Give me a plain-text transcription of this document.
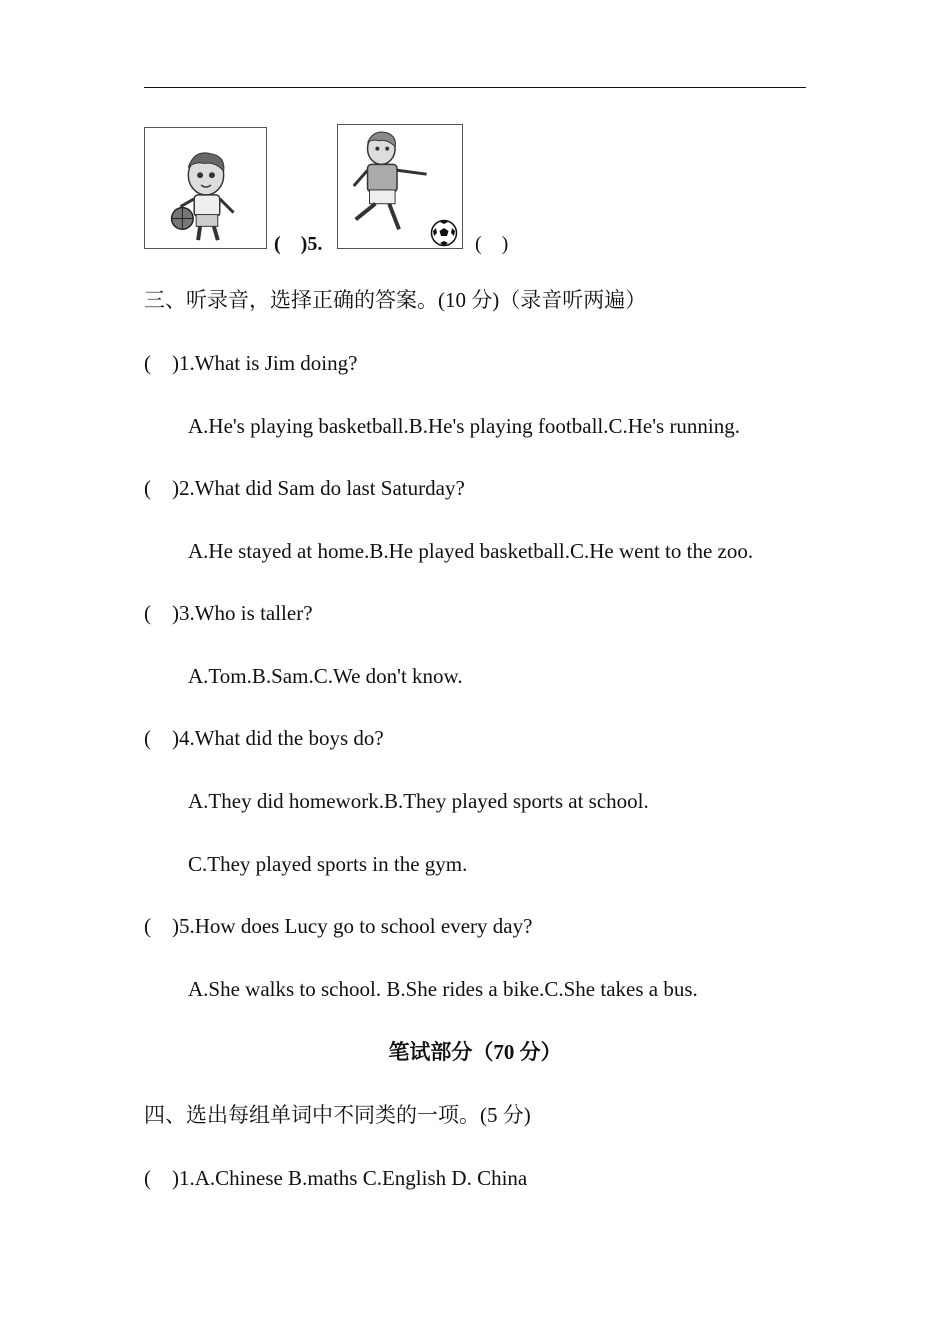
(    )5.	(    )
三、听录音，选择正确的答案。(10 分)（录音听两遍）
(    )1.What is Jim doing?
A.He's playing basketball.B.He's playing football.C.He's running.
(    )2.What did Sam do last Saturday?
A.He stayed at home.B.He played basketball.C.He went to the zoo.
(    )3.Who is taller?
A.Tom.B.Sam.C.We don't know.
(    )4.What did the boys do?
A.They did homework.B.They played sports at school.
C.They played sports in the gym.
(    )5.How does Lucy go to school every day?
A.She walks to school. B.She rides a bike.C.She takes a bus.
笔试部分（70 分）
四、选出每组单词中不同类的一项。(5 分)
(    )1.A.Chinese B.maths C.English D. China
